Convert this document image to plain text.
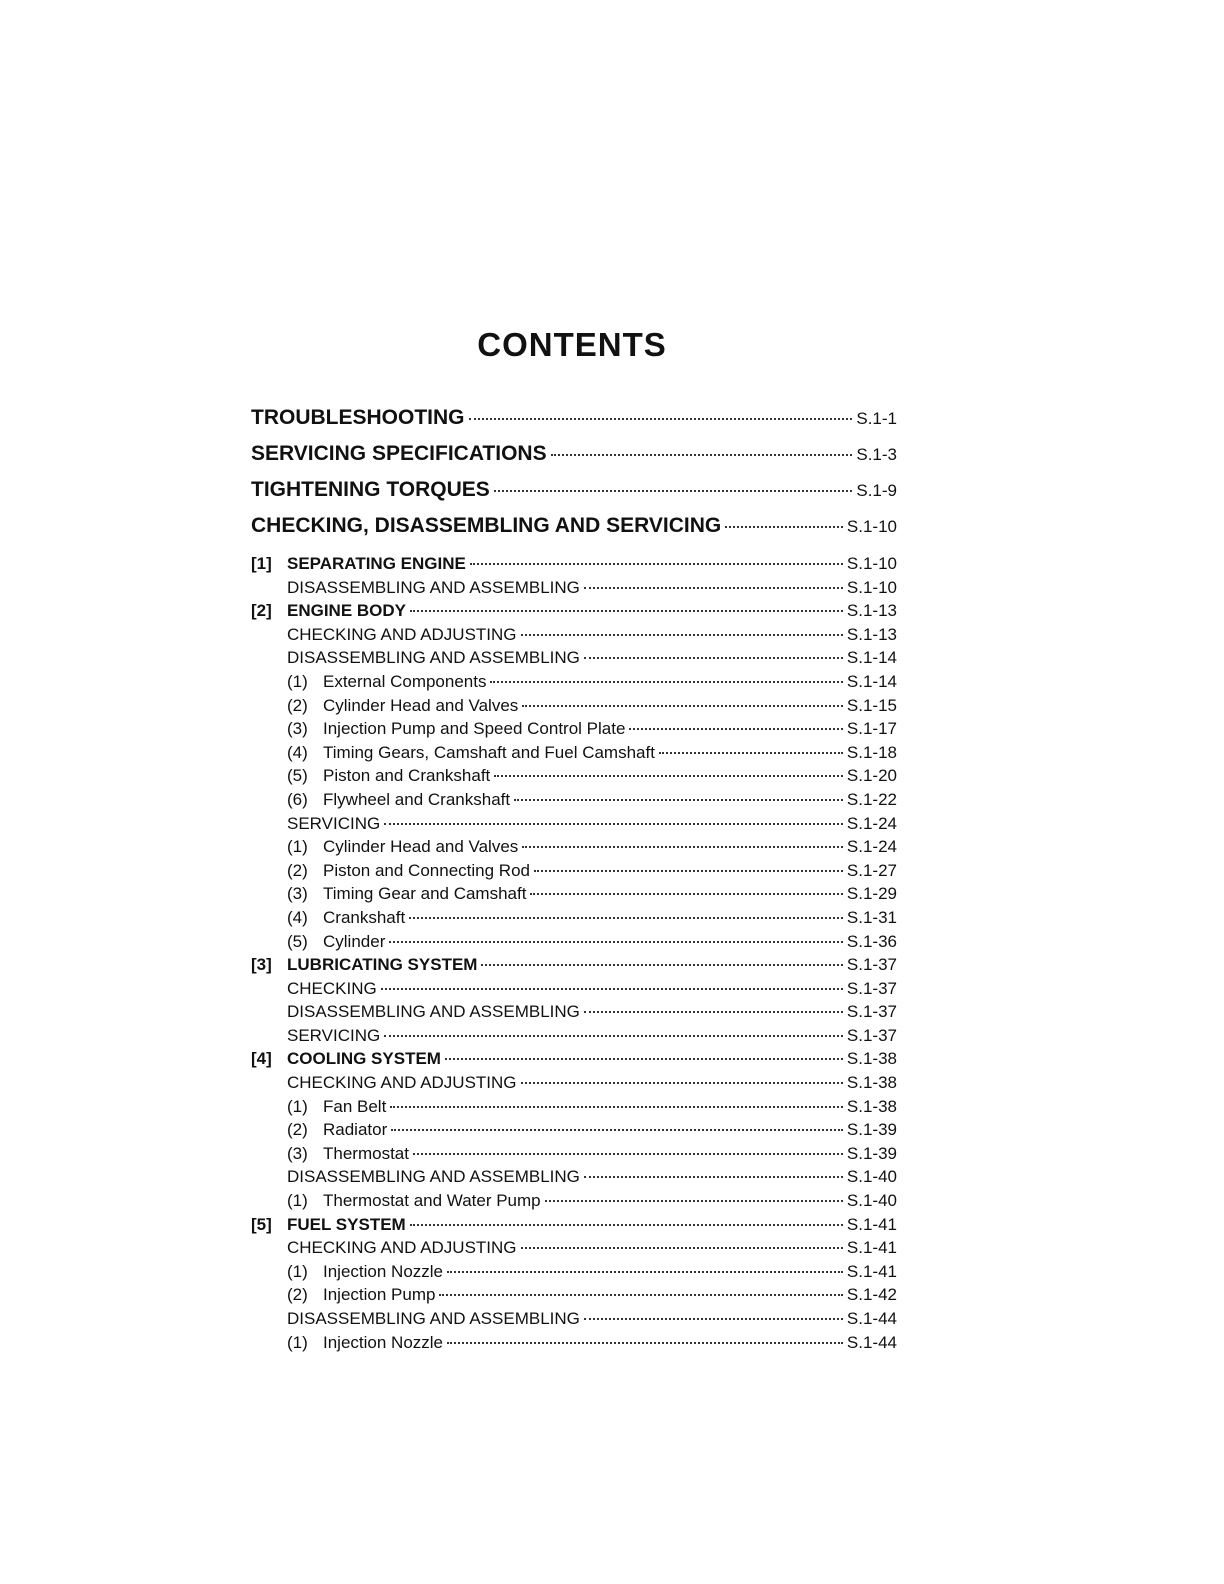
CONTENTS
TROUBLESHOOTING	S.1-1
SERVICING SPECIFICATIONS	S.1-3
TIGHTENING TORQUES	S.1-9
CHECKING, DISASSEMBLING AND SERVICING	S.1-10
[1] SEPARATING ENGINE	S.1-10
DISASSEMBLING AND ASSEMBLING	S.1-10
[2] ENGINE BODY	S.1-13
CHECKING AND ADJUSTING	S.1-13
DISASSEMBLING AND ASSEMBLING	S.1-14
(1) External Components	S.1-14
(2) Cylinder Head and Valves	S.1-15
(3) Injection Pump and Speed Control Plate	S.1-17
(4) Timing Gears, Camshaft and Fuel Camshaft	S.1-18
(5) Piston and Crankshaft	S.1-20
(6) Flywheel and Crankshaft	S.1-22
SERVICING	S.1-24
(1) Cylinder Head and Valves	S.1-24
(2) Piston and Connecting Rod	S.1-27
(3) Timing Gear and Camshaft	S.1-29
(4) Crankshaft	S.1-31
(5) Cylinder	S.1-36
[3] LUBRICATING SYSTEM	S.1-37
CHECKING	S.1-37
DISASSEMBLING AND ASSEMBLING	S.1-37
SERVICING	S.1-37
[4] COOLING SYSTEM	S.1-38
CHECKING AND ADJUSTING	S.1-38
(1) Fan Belt	S.1-38
(2) Radiator	S.1-39
(3) Thermostat	S.1-39
DISASSEMBLING AND ASSEMBLING	S.1-40
(1) Thermostat and Water Pump	S.1-40
[5] FUEL SYSTEM	S.1-41
CHECKING AND ADJUSTING	S.1-41
(1) Injection Nozzle	S.1-41
(2) Injection Pump	S.1-42
DISASSEMBLING AND ASSEMBLING	S.1-44
(1) Injection Nozzle	S.1-44
